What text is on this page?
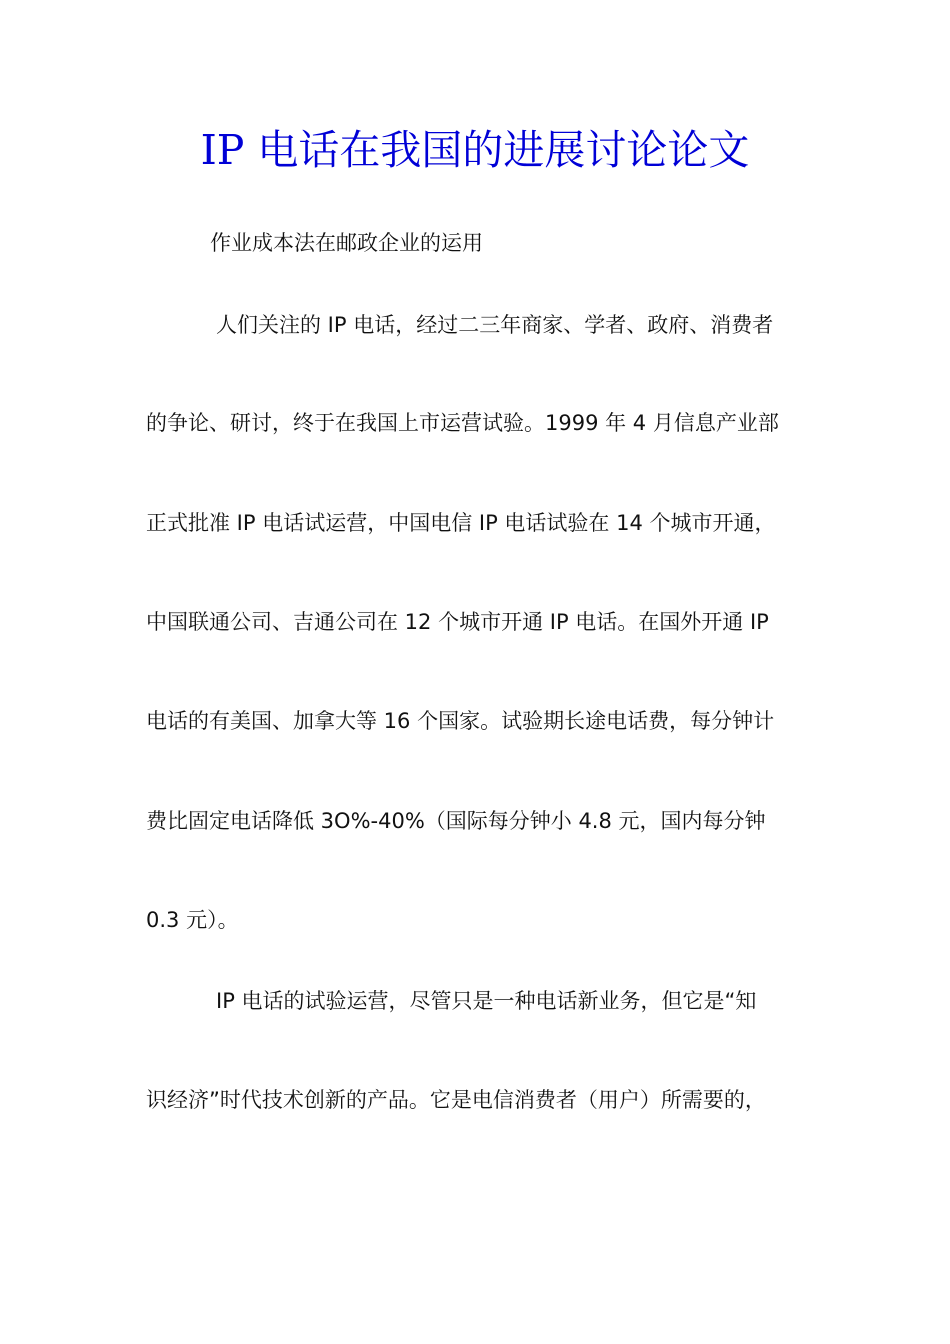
IP 电话在我国的进展讨论论文

作业成本法在邮政企业的运用

人们关注的 IP 电话，经过二三年商家、学者、政府、消费者

的争论、研讨，终于在我国上市运营试验。1999 年 4 月信息产业部

正式批准 IP 电话试运营，中国电信 IP 电话试验在 14 个城市开通，

中国联通公司、吉通公司在 12 个城市开通 IP 电话。在国外开通 IP

电话的有美国、加拿大等 16 个国家。试验期长途电话费，每分钟计

费比固定电话降低 3O%-40%（国际每分钟小 4.8 元，国内每分钟

0.3 元）。

IP 电话的试验运营，尽管只是一种电话新业务，但它是“知

识经济”时代技术创新的产品。它是电信消费者（用户）所需要的，
